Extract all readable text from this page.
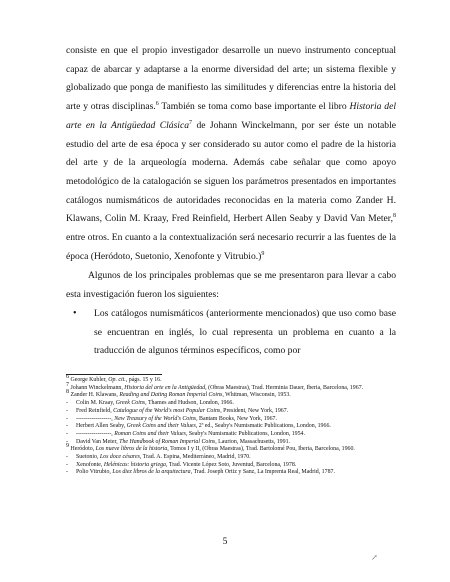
consiste en que el propio investigador desarrolle un nuevo instrumento conceptual capaz de abarcar y adaptarse a la enorme diversidad del arte; un sistema flexible y globalizado que ponga de manifiesto las similitudes y diferencias entre la historia del arte y otras disciplinas.$^6$ También se toma como base importante el libro Historia del arte en la Antigüedad Clásica$^7$ de Johann Winckelmann, por ser éste un notable estudio del arte de esa época y ser considerado su autor como el padre de la historia del arte y de la arqueología moderna. Además cabe señalar que como apoyo metodológico de la catalogación se siguen los parámetros presentados en importantes catálogos numismáticos de autoridades reconocidas en la materia como Zander H. Klawans, Colin M. Kraay, Fred Reinfield, Herbert Allen Seaby y David Van Meter,$^8$ entre otros. En cuanto a la contextualización será necesario recurrir a las fuentes de la época (Heródoto, Suetonio, Xenofonte y Vitrubio.)$^9$

Algunos de los principales problemas que se me presentaron para llevar a cabo esta investigación fueron los siguientes:

• Los catálogos numismáticos (anteriormente mencionados) que uso como base se encuentran en inglés, lo cual representa un problema en cuanto a la traducción de algunos términos específicos, como por

$^6$ George Kubler, Op. cit., págs. 15 y 16.

$^7$ Johann Winckelmann, Historia del arte en la Antigüedad, (Obras Maestras), Trad. Herminia Dauer, Iberia, Barcelona, 1967.

$^8$ Zander H. Klawans, Reading and Dating Roman Imperial Coins, Whitman, Wisconsin, 1953.

- Colin M. Kraay, Greek Coins, Thames and Hudson, London, 1966.

- Fred Reinfield, Catalogue of the World's most Popular Coins, President, New York, 1967.

- ------------------, New Treasury of the World's Coins, Bantam Books, New York, 1967.

- Herbert Allen Seaby, Greek Coins and their Values, 2ª ed., Seaby's Numismatic Publications, London, 1966.

- ------------------, Roman Coins and their Values, Seaby's Numismatic Publications, London, 1954.

- David Van Meter, The Handbook of Roman Imperial Coins, Laurion, Massachusetts, 1991.

$^9$ Heródoto, Los nueve libros de la historia, Tomos I y II, (Obras Maestras), Trad. Bartolomé Pou, Iberia, Barcelona, 1960.

- Suetonio, Los doce césares, Trad. A. Espina, Mediterráneo, Madrid, 1970.

- Xenofonte, Helénicas: historia griega, Trad. Vicente López Soto, Juventud, Barcelona, 1978.

- Polio Vitrubio, Los diez libros de la arquitectura, Trad. Joseph Ortiz y Sanz, La Imprenta Real, Madrid, 1787.

5
↗
